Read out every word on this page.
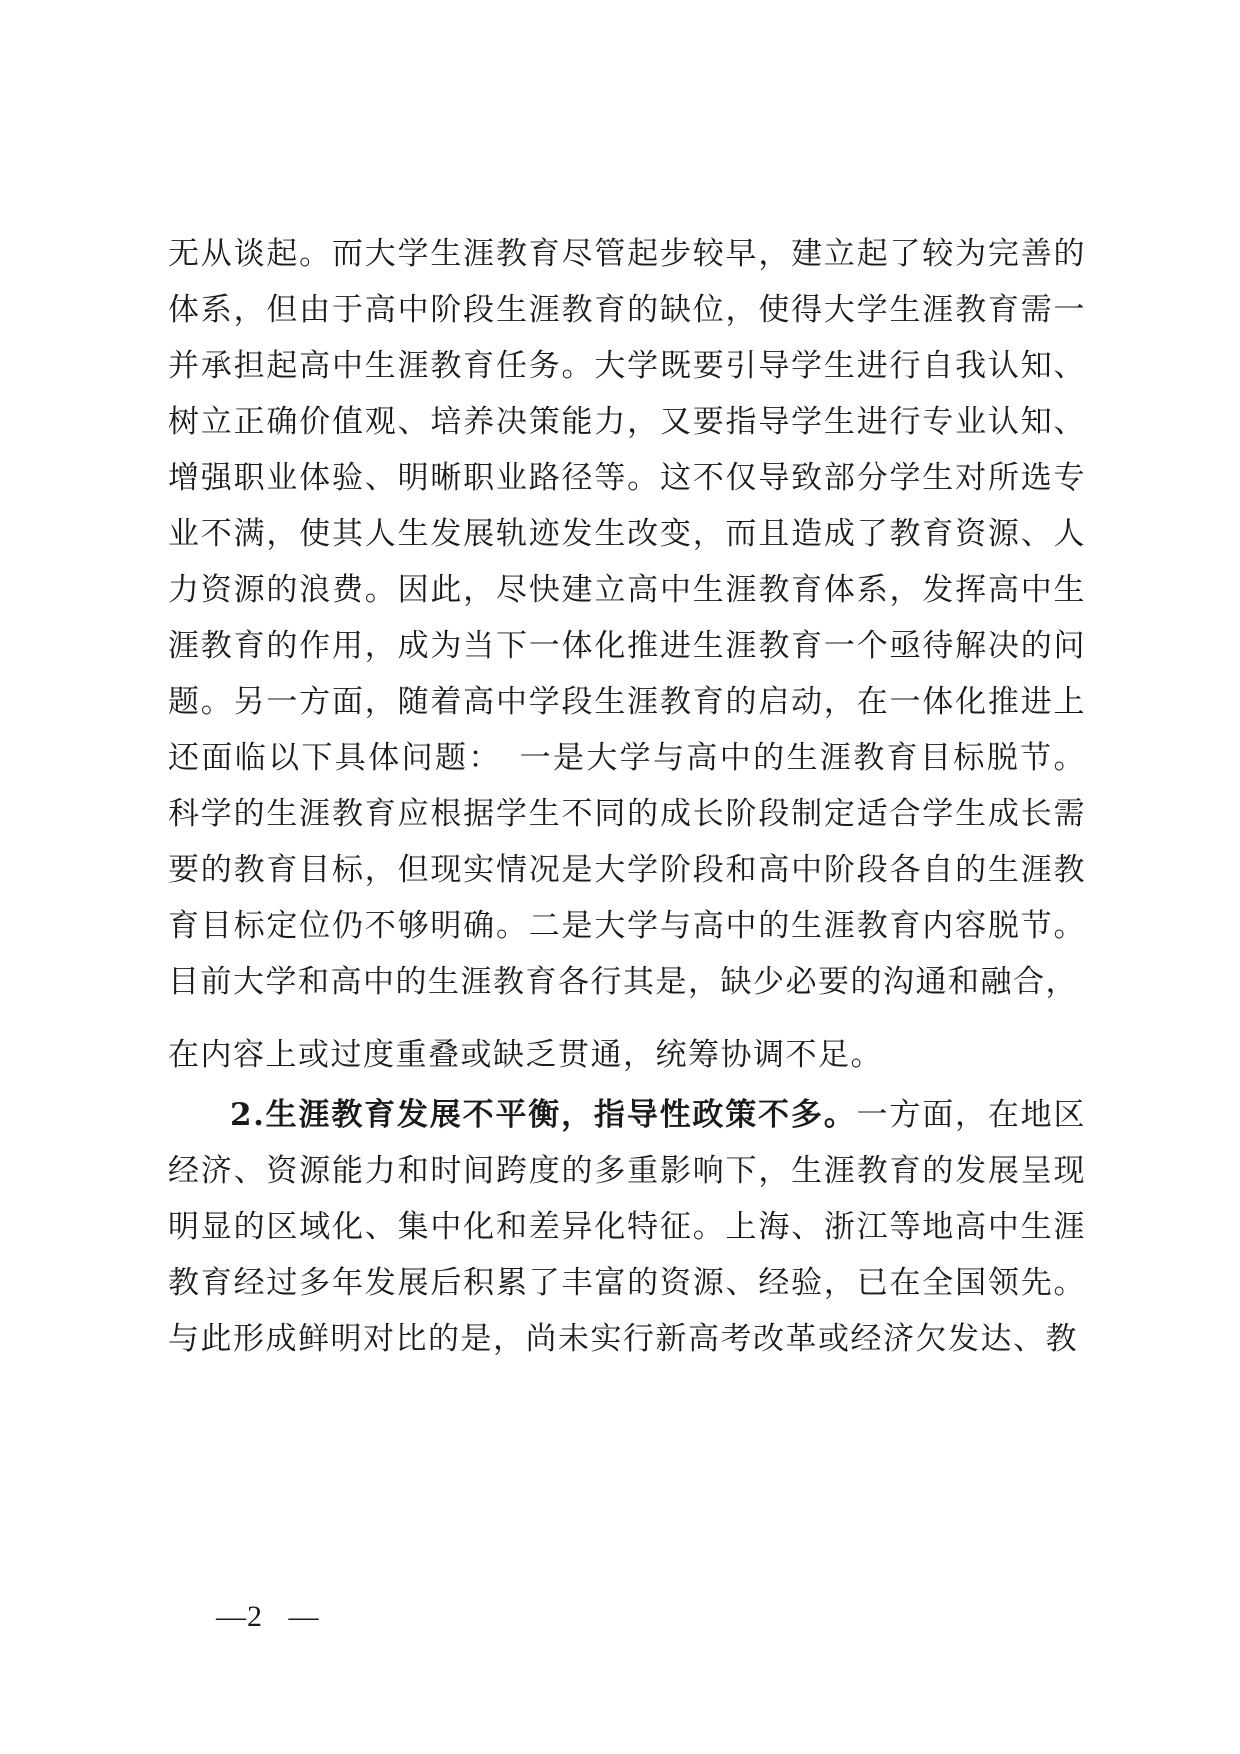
无从谈起。而大学生涯教育尽管起步较早，建立起了较为完善的体系，但由于高中阶段生涯教育的缺位，使得大学生涯教育需一并承担起高中生涯教育任务。大学既要引导学生进行自我认知、树立正确价值观、培养决策能力，又要指导学生进行专业认知、增强职业体验、明晰职业路径等。这不仅导致部分学生对所选专业不满，使其人生发展轨迹发生改变，而且造成了教育资源、人力资源的浪费。因此，尽快建立高中生涯教育体系，发挥高中生涯教育的作用，成为当下一体化推进生涯教育一个亟待解决的问题。另一方面，随着高中学段生涯教育的启动，在一体化推进上还面临以下具体问题：　一是大学与高中的生涯教育目标脱节。科学的生涯教育应根据学生不同的成长阶段制定适合学生成长需要的教育目标，但现实情况是大学阶段和高中阶段各自的生涯教育目标定位仍不够明确。二是大学与高中的生涯教育内容脱节。目前大学和高中的生涯教育各行其是，缺少必要的沟通和融合，

在内容上或过度重叠或缺乏贯通，统筹协调不足。

2.生涯教育发展不平衡，指导性政策不多。一方面，在地区经济、资源能力和时间跨度的多重影响下，生涯教育的发展呈现明显的区域化、集中化和差异化特征。上海、浙江等地高中生涯教育经过多年发展后积累了丰富的资源、经验，已在全国领先。与此形成鲜明对比的是，尚未实行新高考改革或经济欠发达、教

—2 —
